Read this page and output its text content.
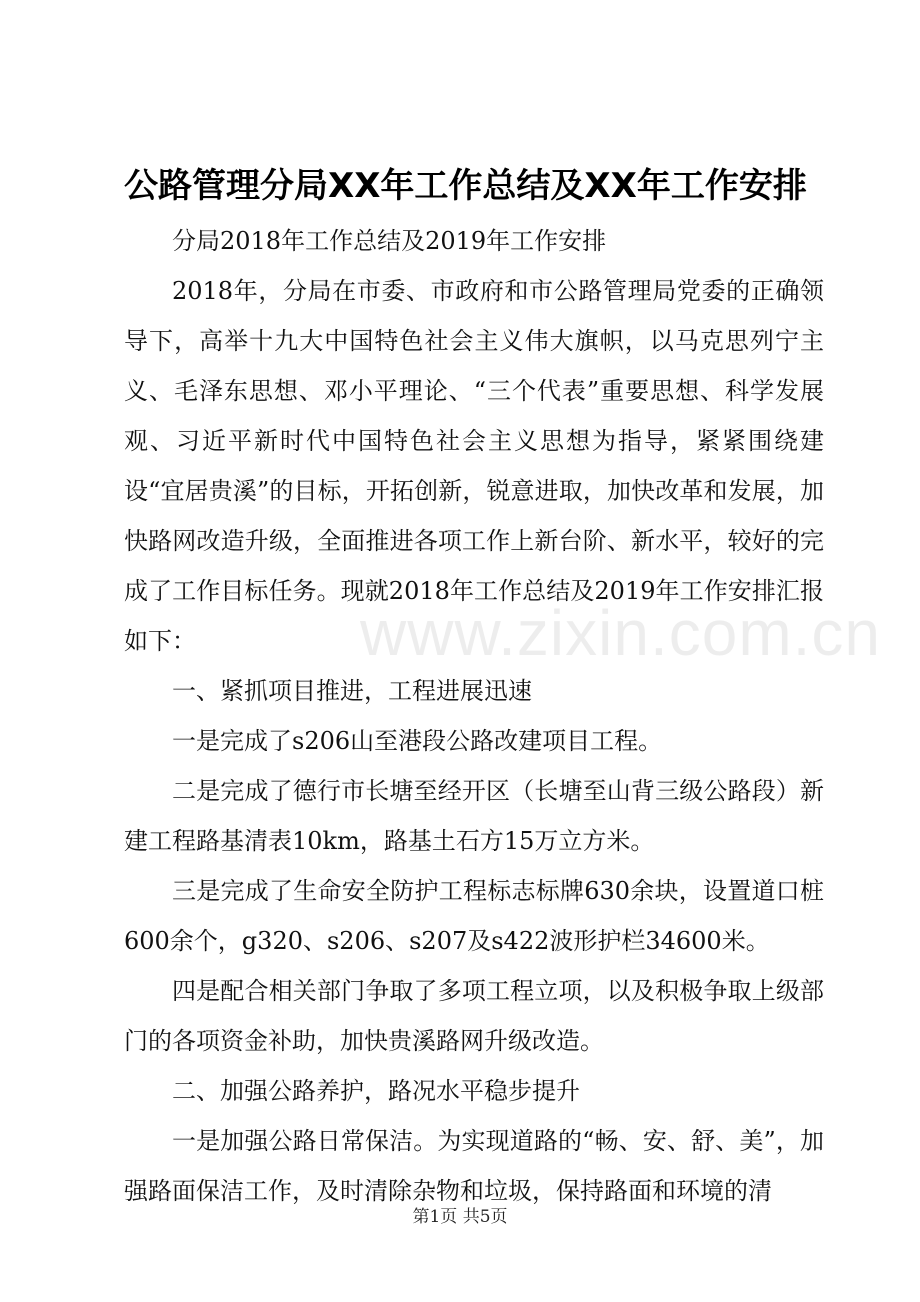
公路管理分局XX年工作总结及XX年工作安排

分局2018年工作总结及2019年工作安排

2018年，分局在市委、市政府和市公路管理局党委的正确领导下，高举十九大中国特色社会主义伟大旗帜，以马克思列宁主义、毛泽东思想、邓小平理论、“三个代表”重要思想、科学发展观、习近平新时代中国特色社会主义思想为指导，紧紧围绕建设“宜居贵溪”的目标，开拓创新，锐意进取，加快改革和发展，加快路网改造升级，全面推进各项工作上新台阶、新水平，较好的完成了工作目标任务。现就2018年工作总结及2019年工作安排汇报如下：

一、紧抓项目推进，工程进展迅速

一是完成了s206山至港段公路改建项目工程。

二是完成了德行市长塘至经开区（长塘至山背三级公路段）新建工程路基清表10km，路基土石方15万立方米。

三是完成了生命安全防护工程标志标牌630余块，设置道口桩600余个，g320、s206、s207及s422波形护栏34600米。

四是配合相关部门争取了多项工程立项，以及积极争取上级部门的各项资金补助，加快贵溪路网升级改造。

二、加强公路养护，路况水平稳步提升

一是加强公路日常保洁。为实现道路的“畅、安、舒、美”，加强路面保洁工作，及时清除杂物和垃圾，保持路面和环境的清

www.zixin.com.cn
第1页 共5页
